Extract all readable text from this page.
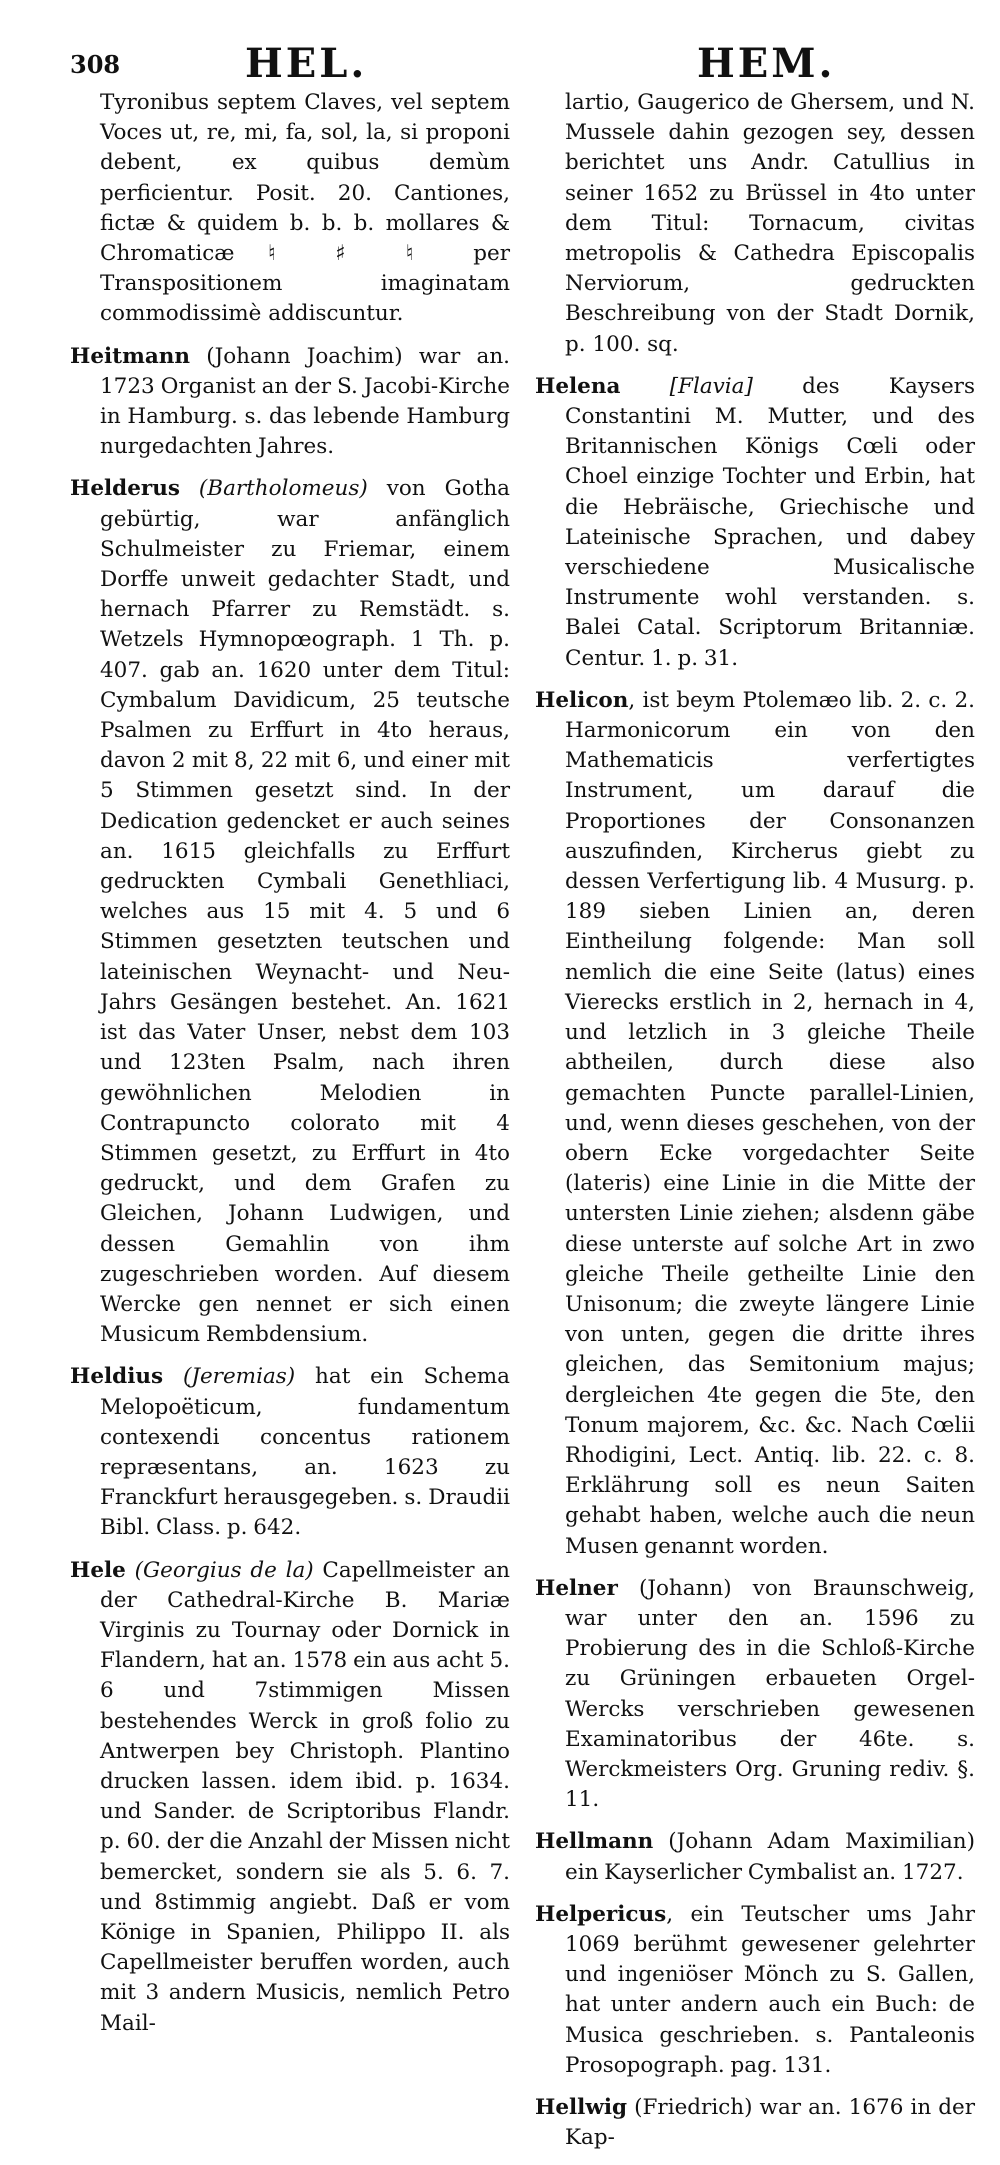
308	HEL.	HEM.
Tyronibus septem Claves, vel septem Voces ut, re, mi, fa, sol, la, si proponi debent, ex quibus demùm perficientur. Posit. 20. Cantiones, fictæ & quidem b. b. b. mollares & Chromaticæ ♮ ♯ ♮ per Transpositionem imaginatam commodissimè addiscuntur.
Heitmann (Johann Joachim) war an. 1723 Organist an der S. Jacobi-Kirche in Hamburg. s. das lebende Hamburg nurgedachten Jahres.
Helderus (Bartholomeus) von Gotha gebürtig, war anfänglich Schulmeister zu Friemar, einem Dorffe unweit gedachter Stadt, und hernach Pfarrer zu Remstädt. s. Wetzels Hymnopœograph. 1 Th. p. 407. gab an. 1620 unter dem Titul: Cymbalum Davidicum, 25 teutsche Psalmen zu Erffurt in 4to heraus, davon 2 mit 8, 22 mit 6, und einer mit 5 Stimmen gesetzt sind. In der Dedication gedencket er auch seines an. 1615 gleichfalls zu Erffurt gedruckten Cymbali Genethliaci, welches aus 15 mit 4. 5 und 6 Stimmen gesetzten teutschen und lateinischen Weynacht- und Neu-Jahrs Gesängen bestehet. An. 1621 ist das Vater Unser, nebst dem 103 und 123ten Psalm, nach ihren gewöhnlichen Melodien in Contrapuncto colorato mit 4 Stimmen gesetzt, zu Erffurt in 4to gedruckt, und dem Grafen zu Gleichen, Johann Ludwigen, und dessen Gemahlin von ihm zugeschrieben worden. Auf diesem Wercke gen nennet er sich einen Musicum Rembdensium.
Heldius (Jeremias) hat ein Schema Melopoëticum, fundamentum contexendi concentus rationem repræsentans, an. 1623 zu Franckfurt herausgegeben. s. Draudii Bibl. Class. p. 642.
Hele (Georgius de la) Capellmeister an der Cathedral-Kirche B. Mariæ Virginis zu Tournay oder Dornick in Flandern, hat an. 1578 ein aus acht 5. 6 und 7stimmigen Missen bestehendes Werck in groß folio zu Antwerpen bey Christoph. Plantino drucken lassen. idem ibid. p. 1634. und Sander. de Scriptoribus Flandr. p. 60. der die Anzahl der Missen nicht bemercket, sondern sie als 5. 6. 7. und 8stimmig angiebt. Daß er vom Könige in Spanien, Philippo II. als Capellmeister beruffen worden, auch mit 3 andern Musicis, nemlich Petro Mail-
lartio, Gaugerico de Ghersem, und N. Mussele dahin gezogen sey, dessen berichtet uns Andr. Catullius in seiner 1652 zu Brüssel in 4to unter dem Titul: Tornacum, civitas metropolis & Cathedra Episcopalis Nerviorum, gedruckten Beschreibung von der Stadt Dornik, p. 100. sq.
Helena [Flavia] des Kaysers Constantini M. Mutter, und des Britannischen Königs Cœli oder Choel einzige Tochter und Erbin, hat die Hebräische, Griechische und Lateinische Sprachen, und dabey verschiedene Musicalische Instrumente wohl verstanden. s. Balei Catal. Scriptorum Britanniæ. Centur. 1. p. 31.
Helicon, ist beym Ptolemæo lib. 2. c. 2. Harmonicorum ein von den Mathematicis verfertigtes Instrument, um darauf die Proportiones der Consonanzen auszufinden, Kircherus giebt zu dessen Verfertigung lib. 4 Musurg. p. 189 sieben Linien an, deren Eintheilung folgende: Man soll nemlich die eine Seite (latus) eines Vierecks erstlich in 2, hernach in 4, und letzlich in 3 gleiche Theile abtheilen, durch diese also gemachten Puncte parallel-Linien, und, wenn dieses geschehen, von der obern Ecke vorgedachter Seite (lateris) eine Linie in die Mitte der untersten Linie ziehen; alsdenn gäbe diese unterste auf solche Art in zwo gleiche Theile getheilte Linie den Unisonum; die zweyte längere Linie von unten, gegen die dritte ihres gleichen, das Semitonium majus; dergleichen 4te gegen die 5te, den Tonum majorem, &c. &c. Nach Cœlii Rhodigini, Lect. Antiq. lib. 22. c. 8. Erklährung soll es neun Saiten gehabt haben, welche auch die neun Musen genannt worden.
Helner (Johann) von Braunschweig, war unter den an. 1596 zu Probierung des in die Schloß-Kirche zu Grüningen erbaueten Orgel-Wercks verschrieben gewesenen Examinatoribus der 46te. s. Werckmeisters Org. Gruning rediv. §. 11.
Hellmann (Johann Adam Maximilian) ein Kayserlicher Cymbalist an. 1727.
Helpericus, ein Teutscher ums Jahr 1069 berühmt gewesener gelehrter und ingeniöser Mönch zu S. Gallen, hat unter andern auch ein Buch: de Musica geschrieben. s. Pantaleonis Prosopograph. pag. 131.
Hellwig (Friedrich) war an. 1676 in der Kap-
